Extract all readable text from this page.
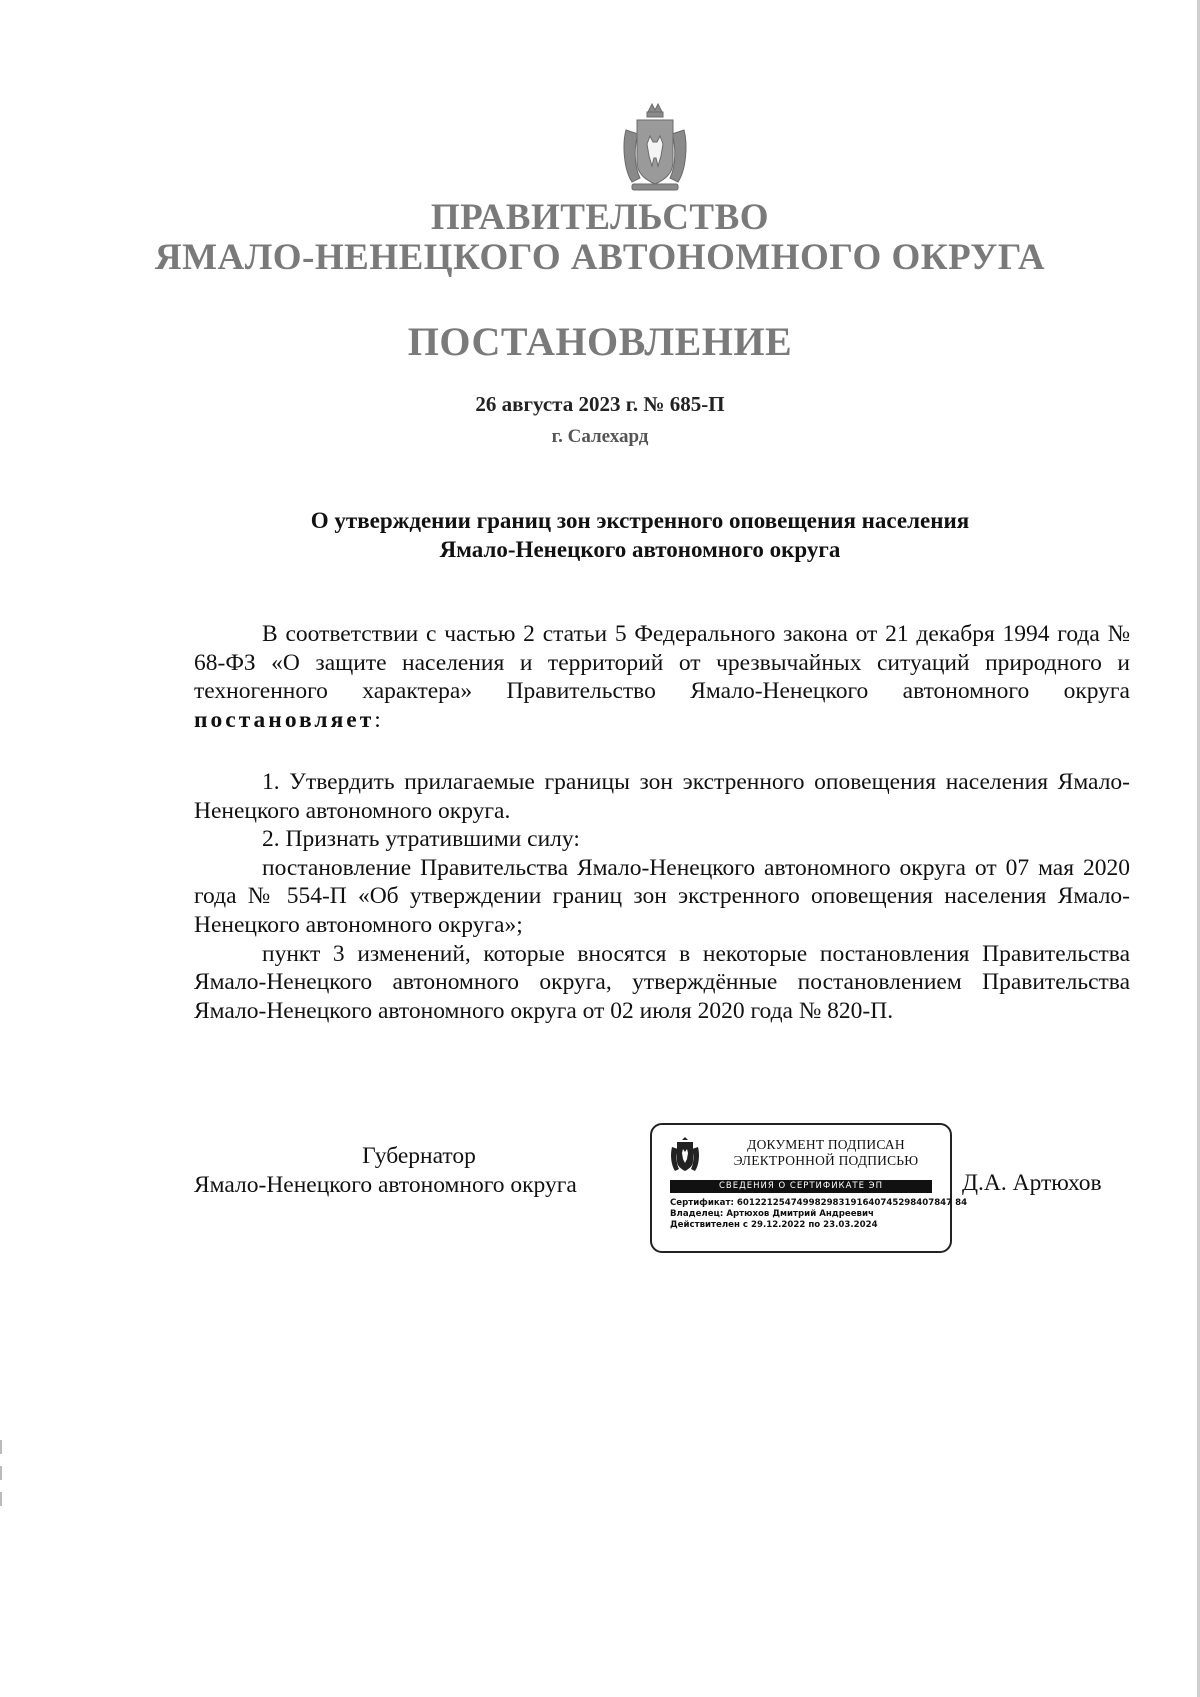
ПРАВИТЕЛЬСТВО
ЯМАЛО-НЕНЕЦКОГО АВТОНОМНОГО ОКРУГА
ПОСТАНОВЛЕНИЕ
26 августа 2023 г. № 685-П
г. Салехард
О утверждении границ зон экстренного оповещения населения
Ямало-Ненецкого автономного округа

В соответствии с частью 2 статьи 5 Федерального закона от 21 декабря 1994 года № 68-ФЗ «О защите населения и территорий от чрезвычайных ситуаций природного и техногенного характера» Правительство Ямало-Ненецкого автономного округа постановляет:

1. Утвердить прилагаемые границы зон экстренного оповещения населения Ямало-Ненецкого автономного округа.

2. Признать утратившими силу:

постановление Правительства Ямало-Ненецкого автономного округа от 07 мая 2020 года № 554-П «Об утверждении границ зон экстренного оповещения населения Ямало-Ненецкого автономного округа»;

пункт 3 изменений, которые вносятся в некоторые постановления Правительства Ямало-Ненецкого автономного округа, утверждённые постановлением Правительства Ямало-Ненецкого автономного округа от 02 июля 2020 года № 820-П.

Губернатор
Ямало-Ненецкого автономного округа
ДОКУМЕНТ ПОДПИСАН
ЭЛЕКТРОННОЙ ПОДПИСЬЮ
СВЕДЕНИЯ О СЕРТИФИКАТЕ ЭП
Сертификат: 601221254749982983191640745298407847 84
Владелец: Артюхов Дмитрий Андреевич
Действителен с 29.12.2022 по 23.03.2024
Д.А. Артюхов
